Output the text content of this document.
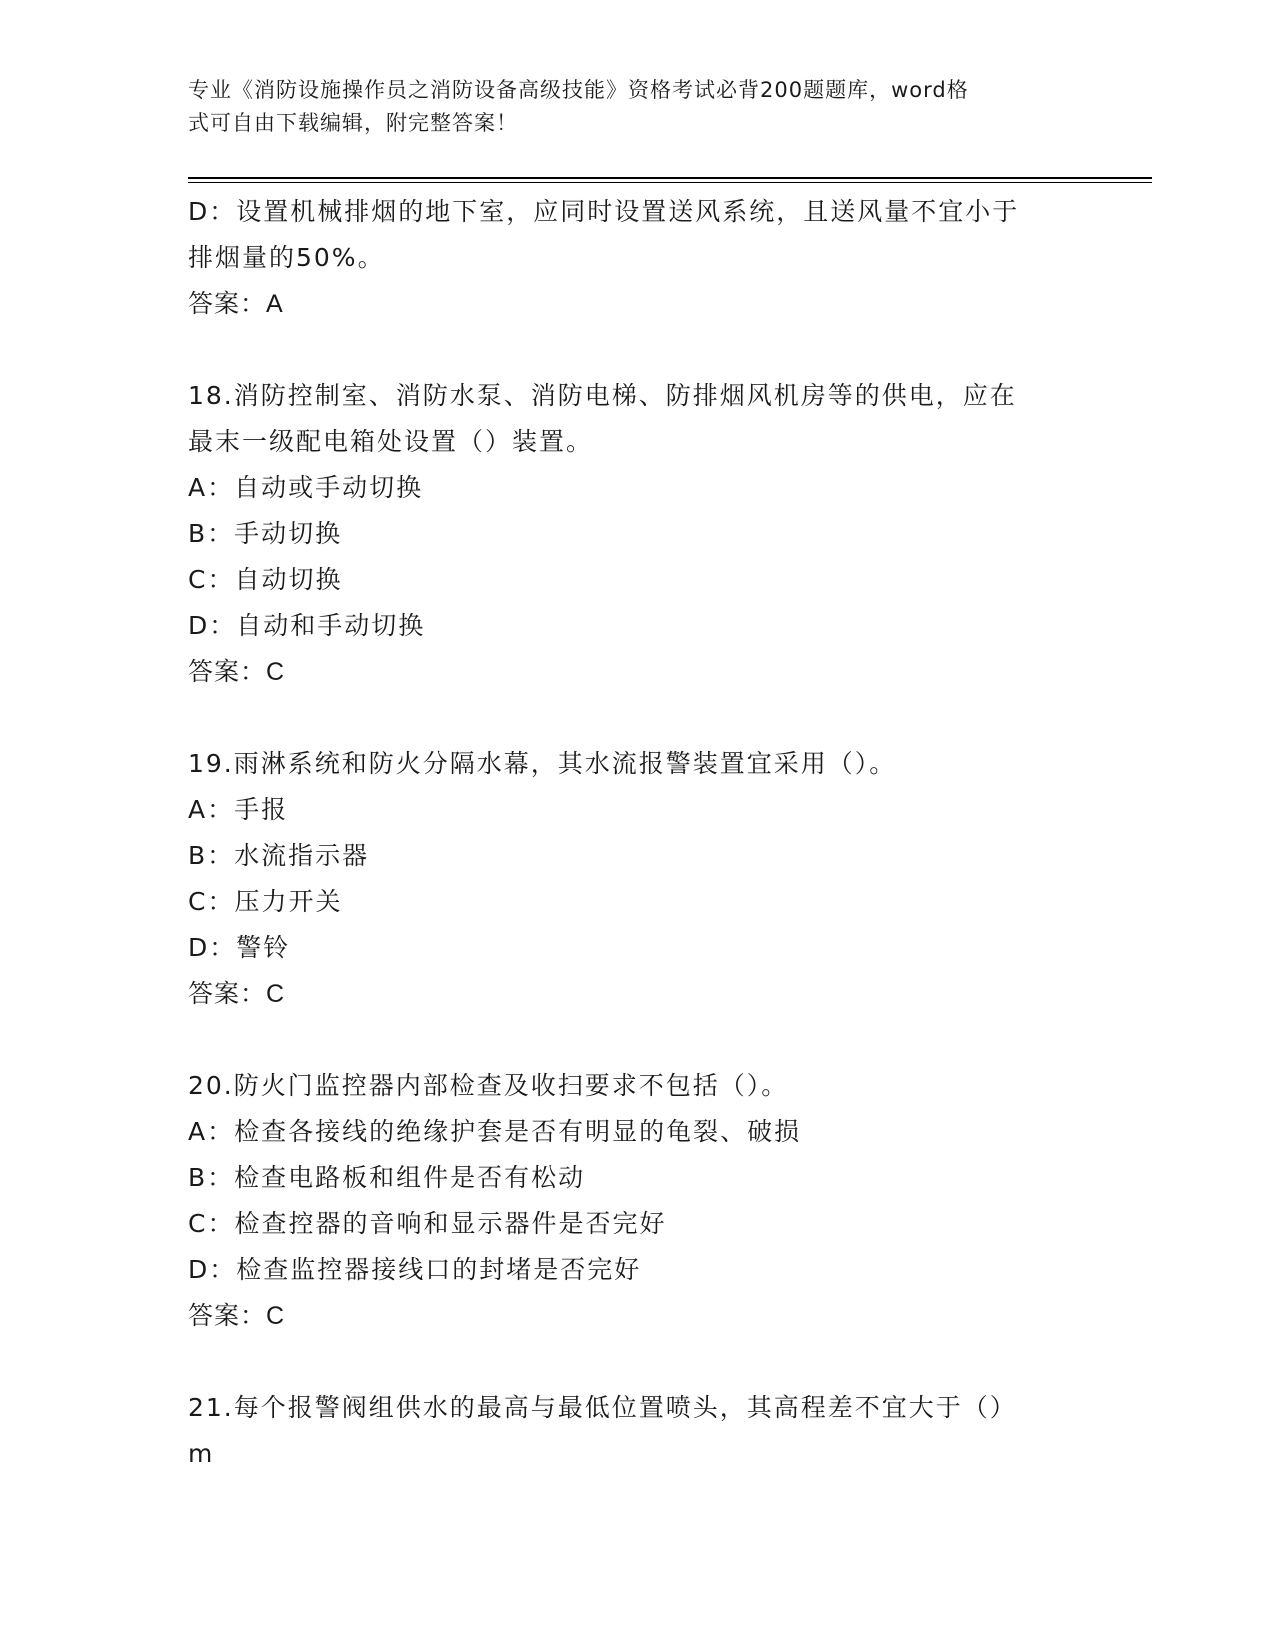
专业《消防设施操作员之消防设备高级技能》资格考试必背200题题库，word格
式可自由下载编辑，附完整答案！
D：设置机械排烟的地下室，应同时设置送风系统，且送风量不宜小于
排烟量的50%。
答案：A
18.消防控制室、消防水泵、消防电梯、防排烟风机房等的供电，应在
最末一级配电箱处设置（）装置。
A：自动或手动切换
B：手动切换
C：自动切换
D：自动和手动切换
答案：C
19.雨淋系统和防火分隔水幕，其水流报警装置宜采用（）。
A：手报
B：水流指示器
C：压力开关
D：警铃
答案：C
20.防火门监控器内部检查及收扫要求不包括（）。
A：检查各接线的绝缘护套是否有明显的龟裂、破损
B：检查电路板和组件是否有松动
C：检查控器的音响和显示器件是否完好
D：检查监控器接线口的封堵是否完好
答案：C
21.每个报警阀组供水的最高与最低位置喷头，其高程差不宜大于（）
m
